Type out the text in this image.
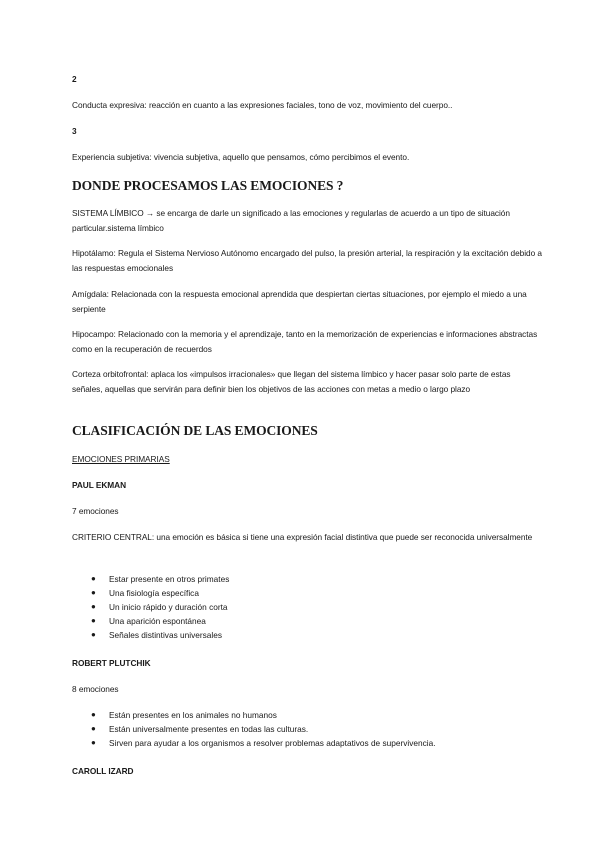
2

Conducta expresiva: reacción en cuanto a las expresiones faciales, tono de voz, movimiento del cuerpo..

3

Experiencia subjetiva: vivencia subjetiva, aquello que pensamos, cómo percibimos el evento.

DONDE PROCESAMOS LAS EMOCIONES ?

SISTEMA LÍMBICO → se encarga de darle un significado a las emociones y regularlas de acuerdo a un tipo de situación particular.sistema límbico

Hipotálamo: Regula el Sistema Nervioso Autónomo encargado del pulso, la presión arterial, la respiración y la excitación debido a las respuestas emocionales

Amígdala: Relacionada con la respuesta emocional aprendida que despiertan ciertas situaciones, por ejemplo el miedo a una serpiente

Hipocampo: Relacionado con la memoria y el aprendizaje, tanto en la memorización de experiencias e informaciones abstractas como en la recuperación de recuerdos

Corteza orbitofrontal: aplaca los «impulsos irracionales» que llegan del sistema límbico y hacer pasar solo parte de estas señales, aquellas que servirán para definir bien los objetivos de las acciones con metas a medio o largo plazo

CLASIFICACIÓN DE LAS EMOCIONES

EMOCIONES PRIMARIAS

PAUL EKMAN

7 emociones

CRITERIO CENTRAL: una emoción es básica si tiene una expresión facial distintiva que puede ser reconocida universalmente

● Estar presente en otros primates
● Una fisiología específica
● Un inicio rápido y duración corta
● Una aparición espontánea
● Señales distintivas universales

ROBERT PLUTCHIK

8 emociones

● Están presentes en los animales no humanos
● Están universalmente presentes en todas las culturas.
● Sirven para ayudar a los organismos a resolver problemas adaptativos de supervivencia.

CAROLL IZARD
